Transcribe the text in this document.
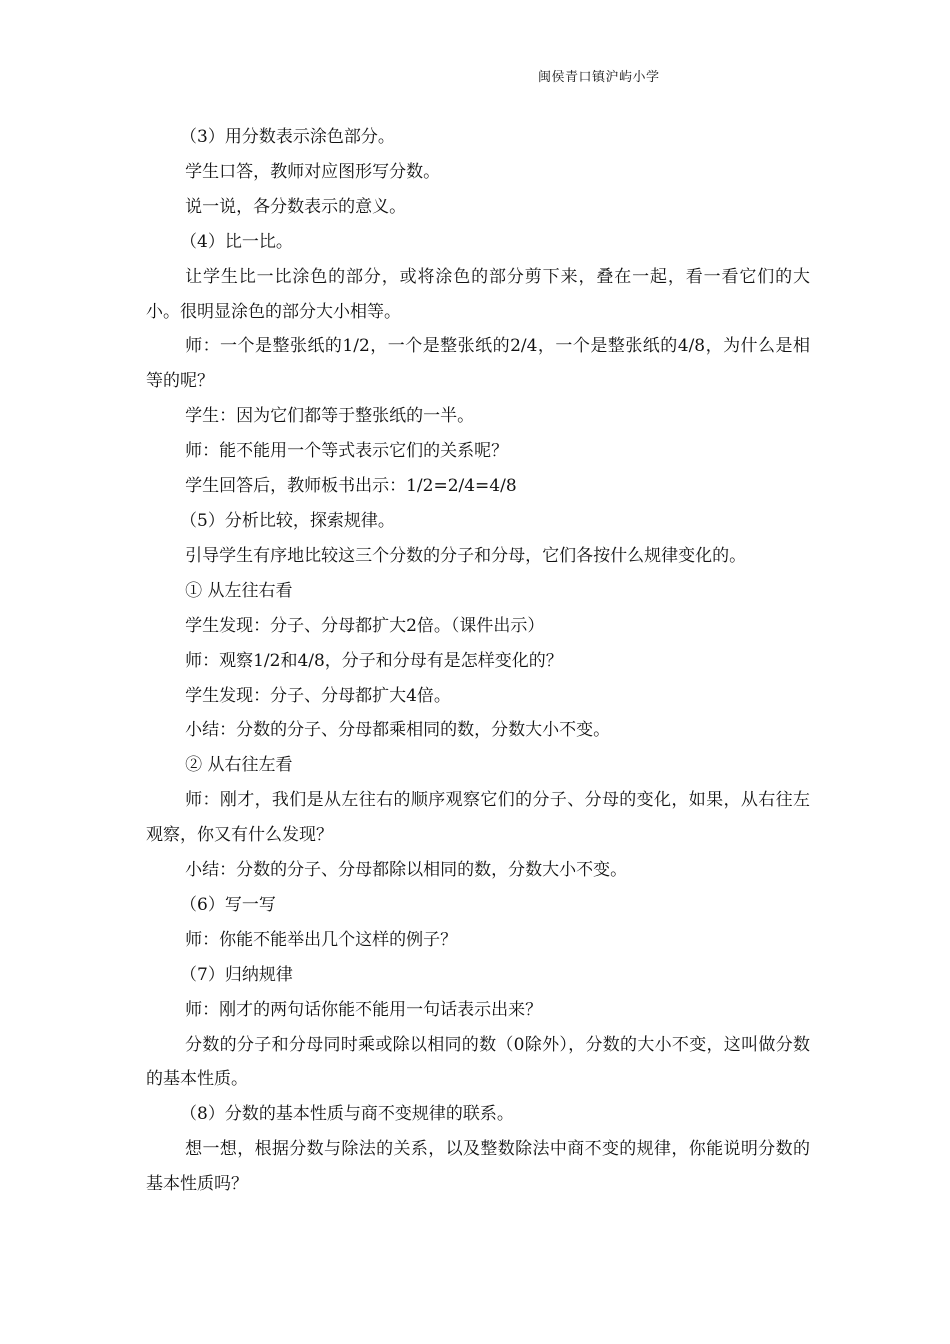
闽侯青口镇沪屿小学

（3）用分数表示涂色部分。

学生口答，教师对应图形写分数。

说一说，各分数表示的意义。

（4）比一比。

让学生比一比涂色的部分，或将涂色的部分剪下来，叠在一起，看一看它们的大小。很明显涂色的部分大小相等。

师：一个是整张纸的1/2，一个是整张纸的2/4，一个是整张纸的4/8，为什么是相等的呢？

学生：因为它们都等于整张纸的一半。

师：能不能用一个等式表示它们的关系呢？

学生回答后，教师板书出示：1/2=2/4=4/8

（5）分析比较，探索规律。

引导学生有序地比较这三个分数的分子和分母，它们各按什么规律变化的。

① 从左往右看

学生发现：分子、分母都扩大2倍。（课件出示）

师：观察1/2和4/8，分子和分母有是怎样变化的？

学生发现：分子、分母都扩大4倍。

小结：分数的分子、分母都乘相同的数，分数大小不变。

② 从右往左看

师：刚才，我们是从左往右的顺序观察它们的分子、分母的变化，如果，从右往左观察，你又有什么发现？

小结：分数的分子、分母都除以相同的数，分数大小不变。

（6）写一写

师：你能不能举出几个这样的例子？

（7）归纳规律

师：刚才的两句话你能不能用一句话表示出来？

分数的分子和分母同时乘或除以相同的数（0除外），分数的大小不变，这叫做分数的基本性质。

（8）分数的基本性质与商不变规律的联系。

想一想，根据分数与除法的关系，以及整数除法中商不变的规律，你能说明分数的基本性质吗？
